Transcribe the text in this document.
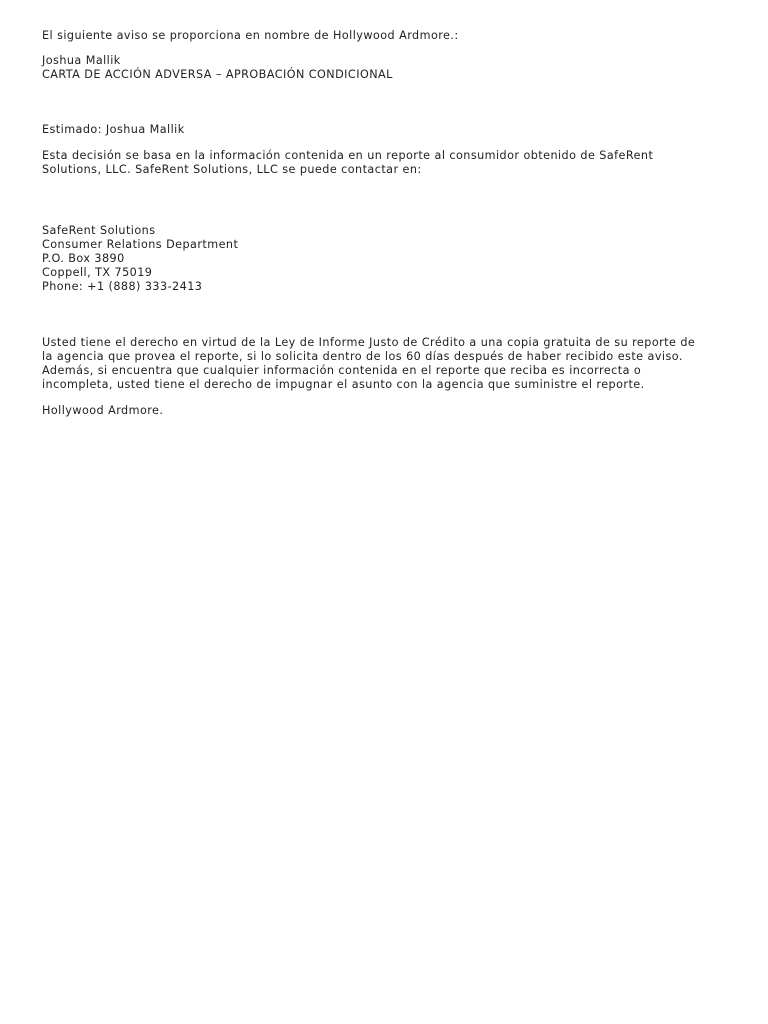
El siguiente aviso se proporciona en nombre de Hollywood Ardmore.:
Joshua Mallik
CARTA DE ACCIÓN ADVERSA – APROBACIÓN CONDICIONAL
Estimado: Joshua Mallik
Esta decisión se basa en la información contenida en un reporte al consumidor obtenido de SafeRent
Solutions, LLC. SafeRent Solutions, LLC se puede contactar en:
SafeRent Solutions
Consumer Relations Department
P.O. Box 3890
Coppell, TX 75019
Phone: +1 (888) 333-2413
Usted tiene el derecho en virtud de la Ley de Informe Justo de Crédito a una copia gratuita de su reporte de
la agencia que provea el reporte, si lo solicita dentro de los 60 días después de haber recibido este aviso.
Además, si encuentra que cualquier información contenida en el reporte que reciba es incorrecta o
incompleta, usted tiene el derecho de impugnar el asunto con la agencia que suministre el reporte.
Hollywood Ardmore.
